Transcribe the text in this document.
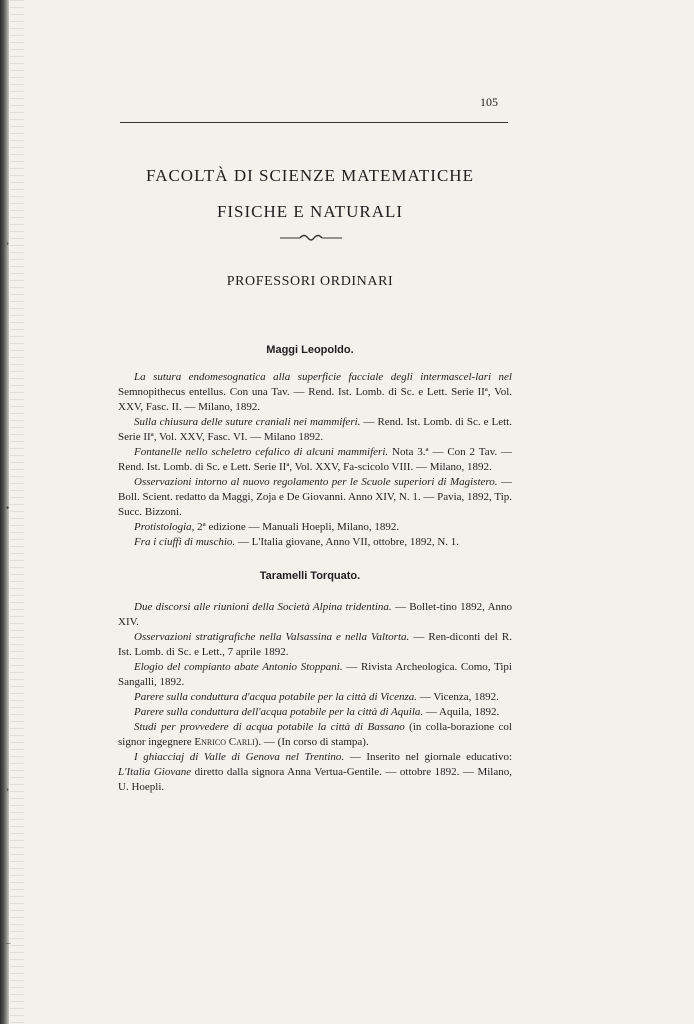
›
•
›
–
105
FACOLTÀ DI SCIENZE MATEMATICHE
FISICHE E NATURALI
PROFESSORI ORDINARI
Maggi Leopoldo.

La sutura endomesognatica alla superficie facciale degli intermascel-lari nel Semnopithecus entellus. Con una Tav. — Rend. Ist. Lomb. di Sc. e Lett. Serie IIª, Vol. XXV, Fasc. II. — Milano, 1892.

Sulla chiusura delle suture craniali nei mammiferi. — Rend. Ist. Lomb. di Sc. e Lett. Serie IIª, Vol. XXV, Fasc. VI. — Milano 1892.

Fontanelle nello scheletro cefalico di alcuni mammiferi. Nota 3.ª — Con 2 Tav. — Rend. Ist. Lomb. di Sc. e Lett. Serie IIª, Vol. XXV, Fa-scicolo VIII. — Milano, 1892.

Osservazioni intorno al nuovo regolamento per le Scuole superiori di Magistero. — Boll. Scient. redatto da Maggi, Zoja e De Giovanni. Anno XIV, N. 1. — Pavia, 1892, Tip. Succ. Bizzoni.

Protistologia, 2ª edizione — Manuali Hoepli, Milano, 1892.

Fra i ciuffi di muschio. — L'Italia giovane, Anno VII, ottobre, 1892, N. 1.

Taramelli Torquato.

Due discorsi alle riunioni della Società Alpina tridentina. — Bollet-tino 1892, Anno XIV.

Osservazioni stratigrafiche nella Valsassina e nella Valtorta. — Ren-diconti del R. Ist. Lomb. di Sc. e Lett., 7 aprile 1892.

Elogio del compianto abate Antonio Stoppani. — Rivista Archeologica. Como, Tipi Sangalli, 1892.

Parere sulla conduttura d'acqua potabile per la città di Vicenza. — Vicenza, 1892.

Parere sulla conduttura dell'acqua potabile per la città di Aquila. — Aquila, 1892.

Studi per provvedere di acqua potabile la città di Bassano (in colla-borazione col signor ingegnere Enrico Carli). — (In corso di stampa).

I ghiacciaj di Valle di Genova nel Trentino. — Inserito nel giornale educativo: L'Italia Giovane diretto dalla signora Anna Vertua-Gentile. — ottobre 1892. — Milano, U. Hoepli.
